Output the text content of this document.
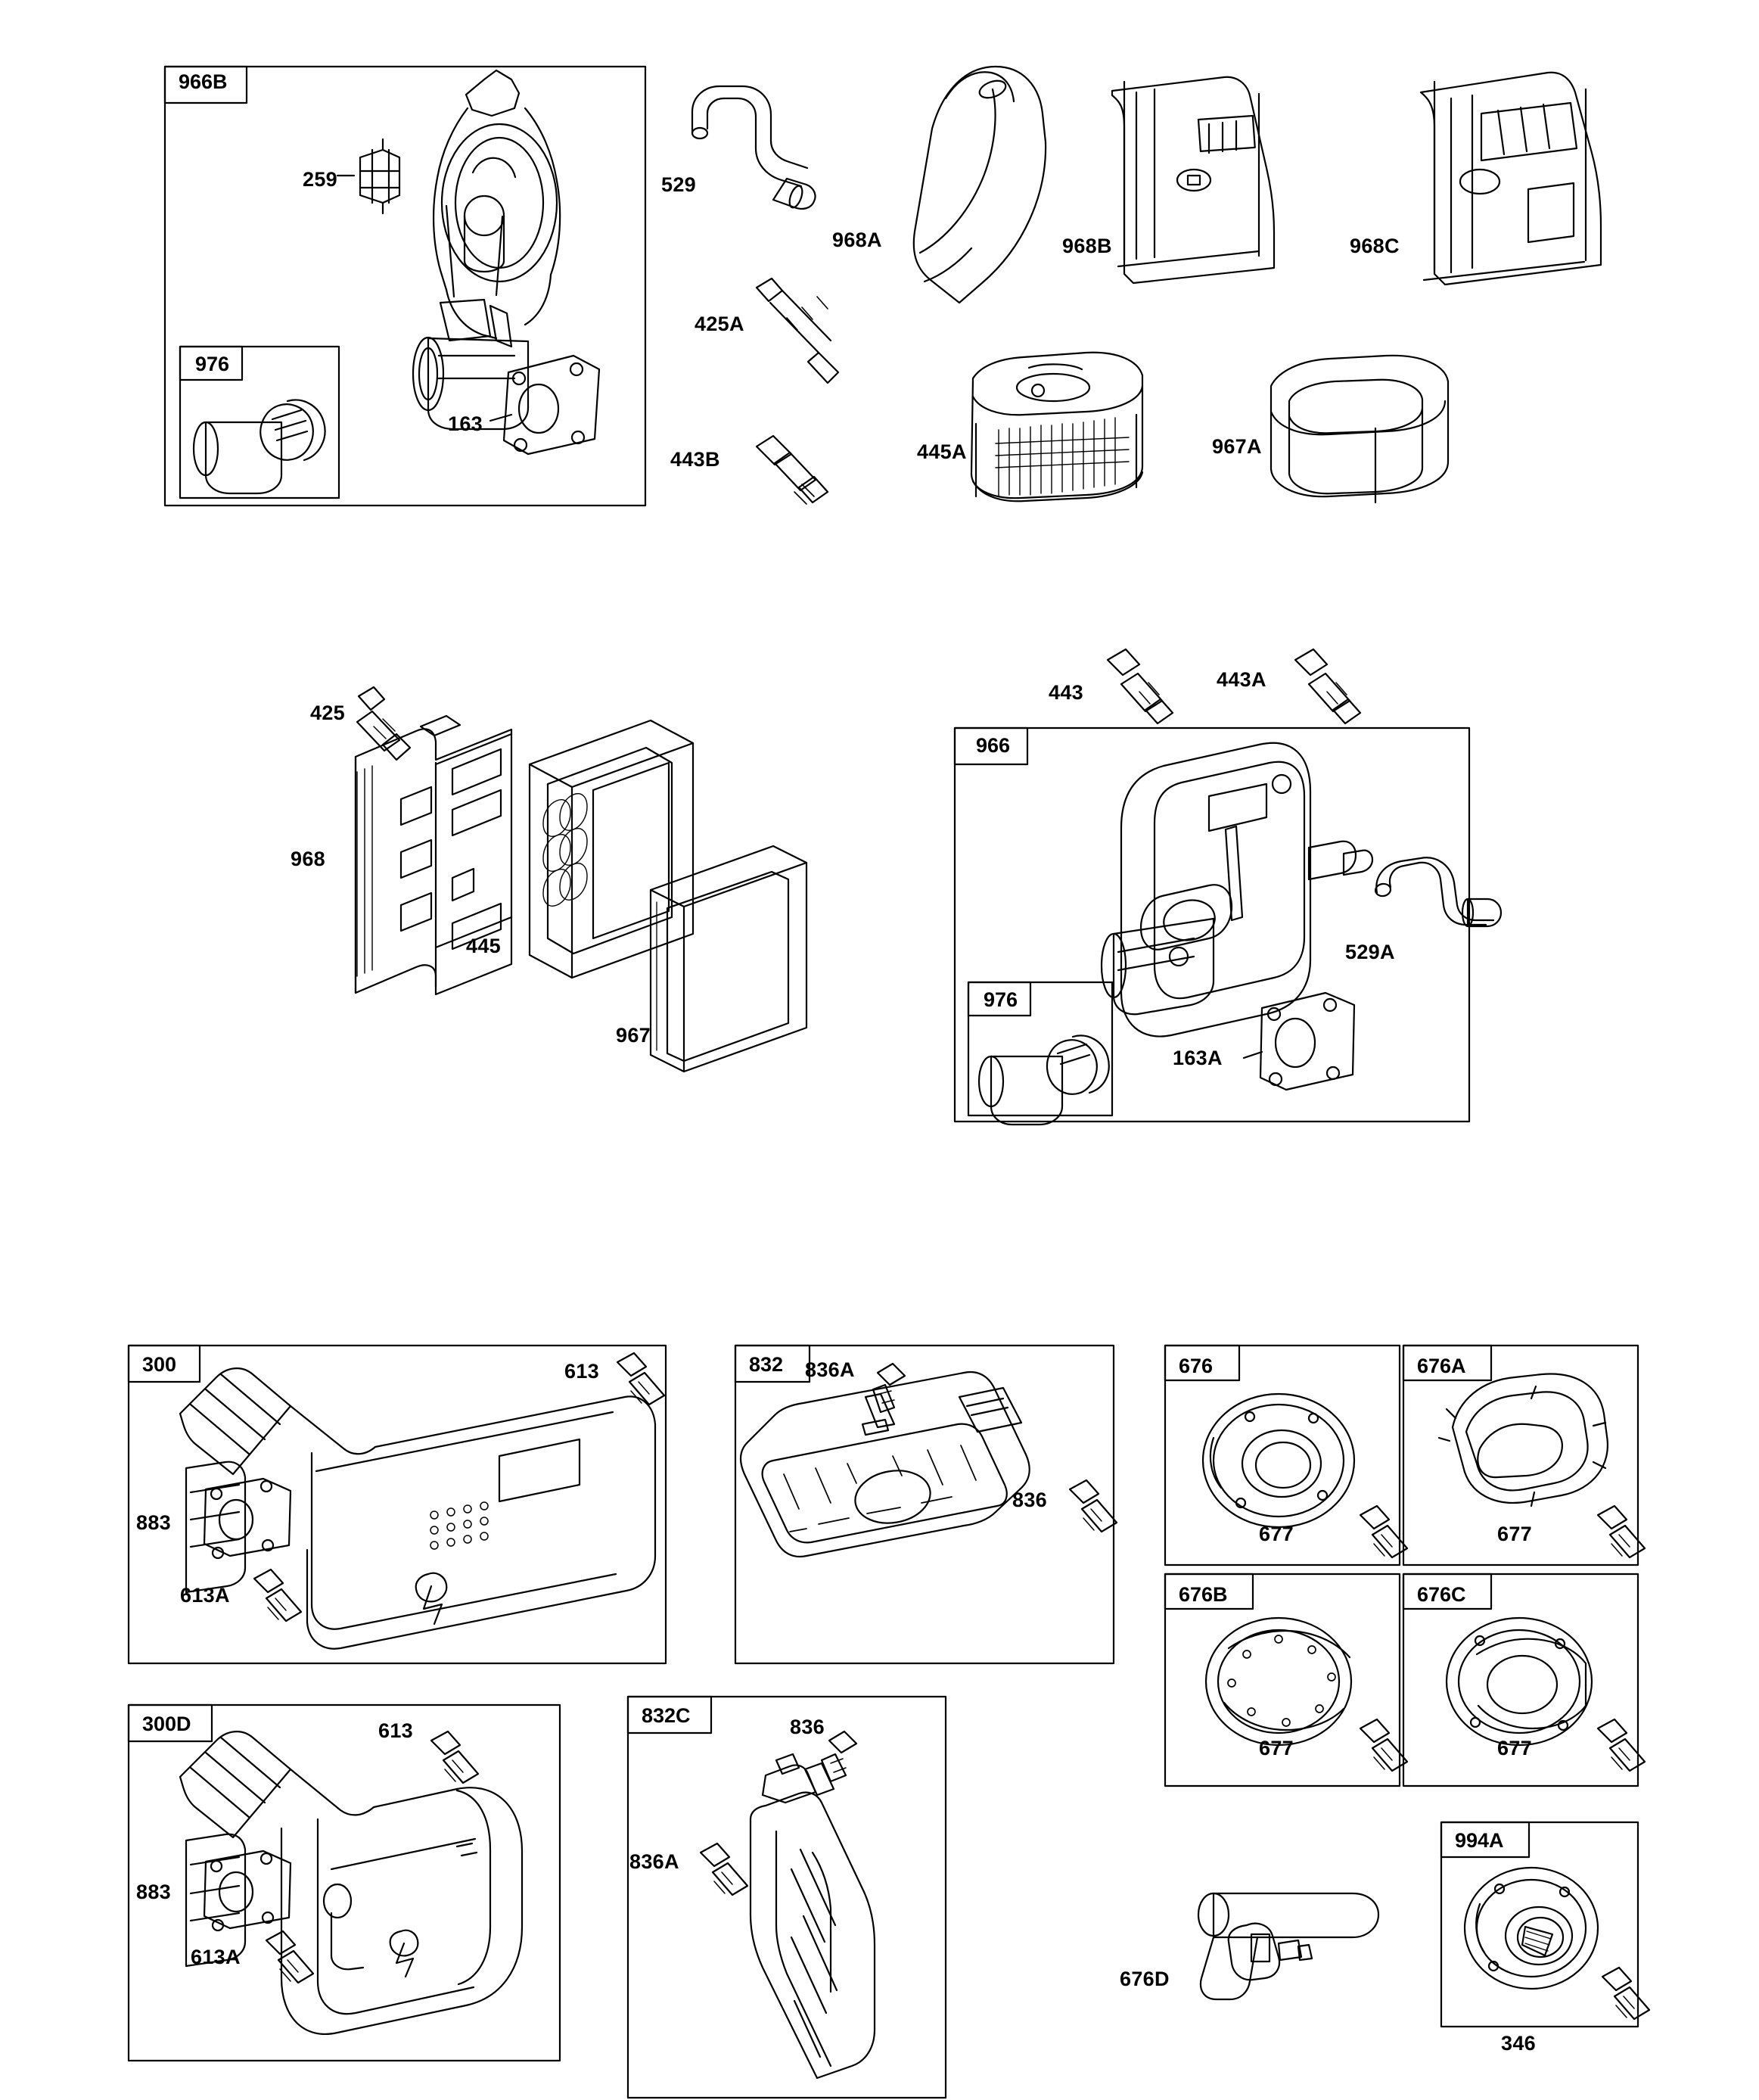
966B
259
976
163
529
425A
443B
968A	968B	968C
445A	967A
425
968
445
967
443
443A
966
529A
976
163A
300	613
883
613A
300D	613
883
613A
832 836A
836
832C	836
836A
676
677
676A
677
676B
677
676C
677
676D
994A
346
